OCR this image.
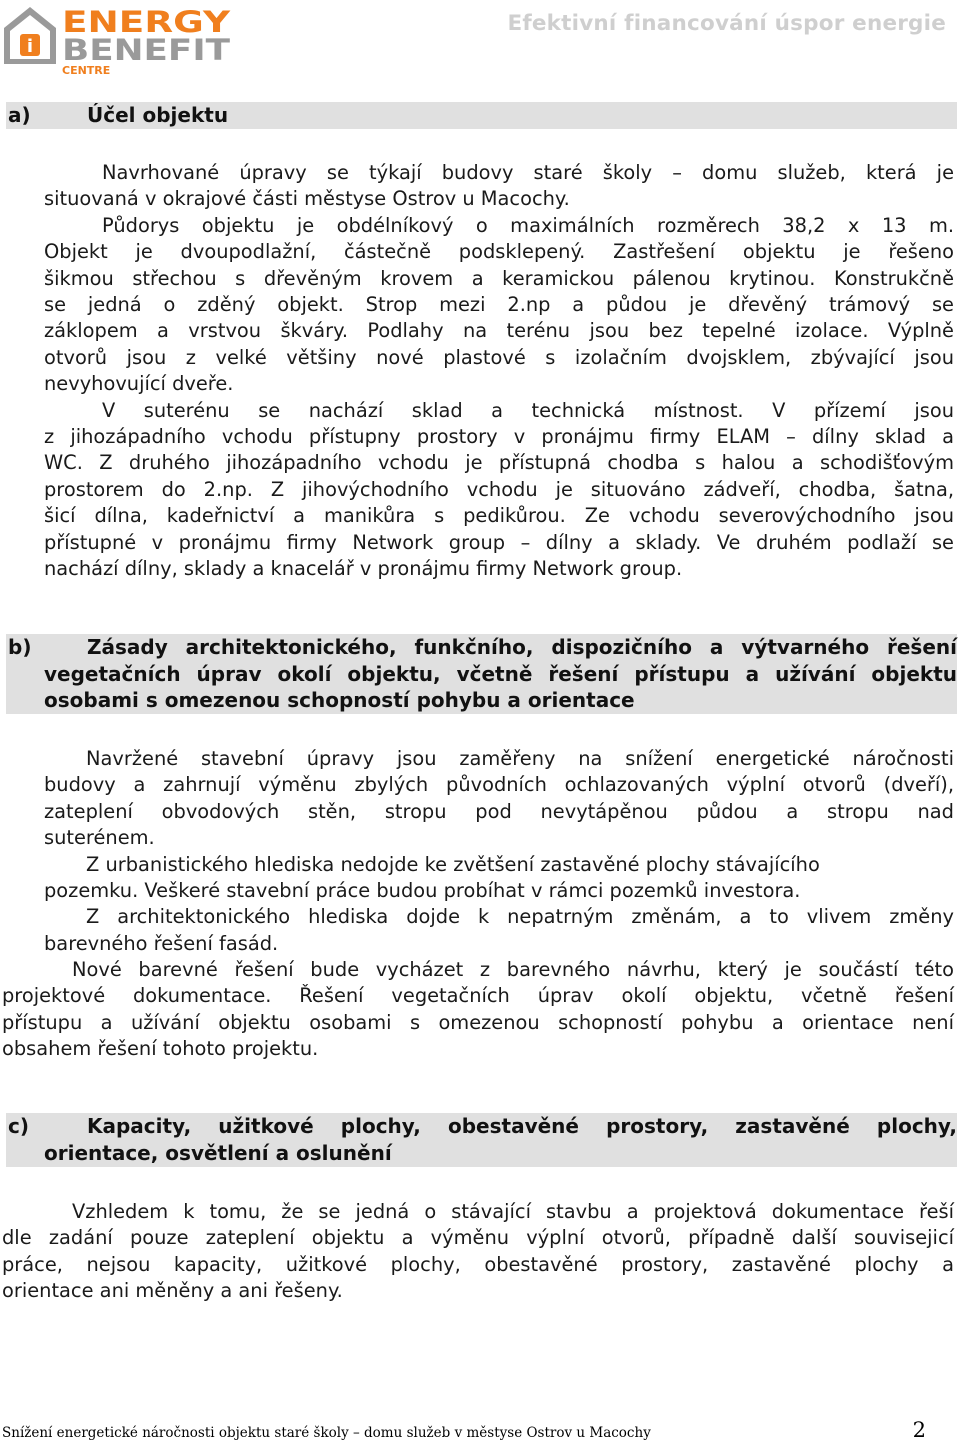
i
ENERGY
BENEFIT
CENTRE
Efektivní financování úspor energie
a)	Účel objektu
Navrhované úpravy se týkají budovy staré školy – domu služeb, která je
situovaná v okrajové části městyse Ostrov u Macochy.
Půdorys objektu je obdélníkový o maximálních rozměrech 38,2 x 13 m.
Objekt je dvoupodlažní, částečně podsklepený. Zastřešení objektu je řešeno
šikmou střechou s dřevěným krovem a keramickou pálenou krytinou. Konstrukčně
se jedná o zděný objekt. Strop mezi 2.np a půdou je dřevěný trámový se
záklopem a vrstvou škváry. Podlahy na terénu jsou bez tepelné izolace. Výplně
otvorů jsou z velké většiny nové plastové s izolačním dvojsklem, zbývající jsou
nevyhovující dveře.
V suterénu se nachází sklad a technická místnost. V přízemí jsou
z jihozápadního vchodu přístupny prostory v pronájmu firmy ELAM – dílny sklad a
WC. Z druhého jihozápadního vchodu je přístupná chodba s halou a schodišťovým
prostorem do 2.np. Z jihovýchodního vchodu je situováno zádveří, chodba, šatna,
šicí dílna, kadeřnictví a manikůra s pedikůrou. Ze vchodu severovýchodního jsou
přístupné v pronájmu firmy Network group – dílny a sklady. Ve druhém podlaží se
nachází dílny, sklady a knacelář v pronájmu firmy Network group.
b)	Zásady architektonického, funkčního, dispozičního a výtvarného řešení
vegetačních úprav okolí objektu, včetně řešení přístupu a užívání objektu
osobami s omezenou schopností pohybu a orientace
Navržené stavební úpravy jsou zaměřeny na snížení energetické náročnosti
budovy a zahrnují výměnu zbylých původních ochlazovaných výplní otvorů (dveří),
zateplení obvodových stěn, stropu pod nevytápěnou půdou a stropu nad
suterénem.
Z urbanistického hlediska nedojde ke zvětšení zastavěné plochy stávajícího
pozemku. Veškeré stavební práce budou probíhat v rámci pozemků investora.
Z architektonického hlediska dojde k nepatrným změnám, a to vlivem změny
barevného řešení fasád.
Nové barevné řešení bude vycházet z barevného návrhu, který je součástí této
projektové dokumentace. Řešení vegetačních úprav okolí objektu, včetně řešení
přístupu a užívání objektu osobami s omezenou schopností pohybu a orientace není
obsahem řešení tohoto projektu.
c)	Kapacity, užitkové plochy, obestavěné prostory, zastavěné plochy,
orientace, osvětlení a oslunění
Vzhledem k tomu, že se jedná o stávající stavbu a projektová dokumentace řeší
dle zadání pouze zateplení objektu a výměnu výplní otvorů, případně další souvisejicí
práce, nejsou kapacity, užitkové plochy, obestavěné prostory, zastavěné plochy a
orientace ani měněny a ani řešeny.
Snížení energetické náročnosti objektu staré školy – domu služeb v městyse Ostrov u Macochy	2
